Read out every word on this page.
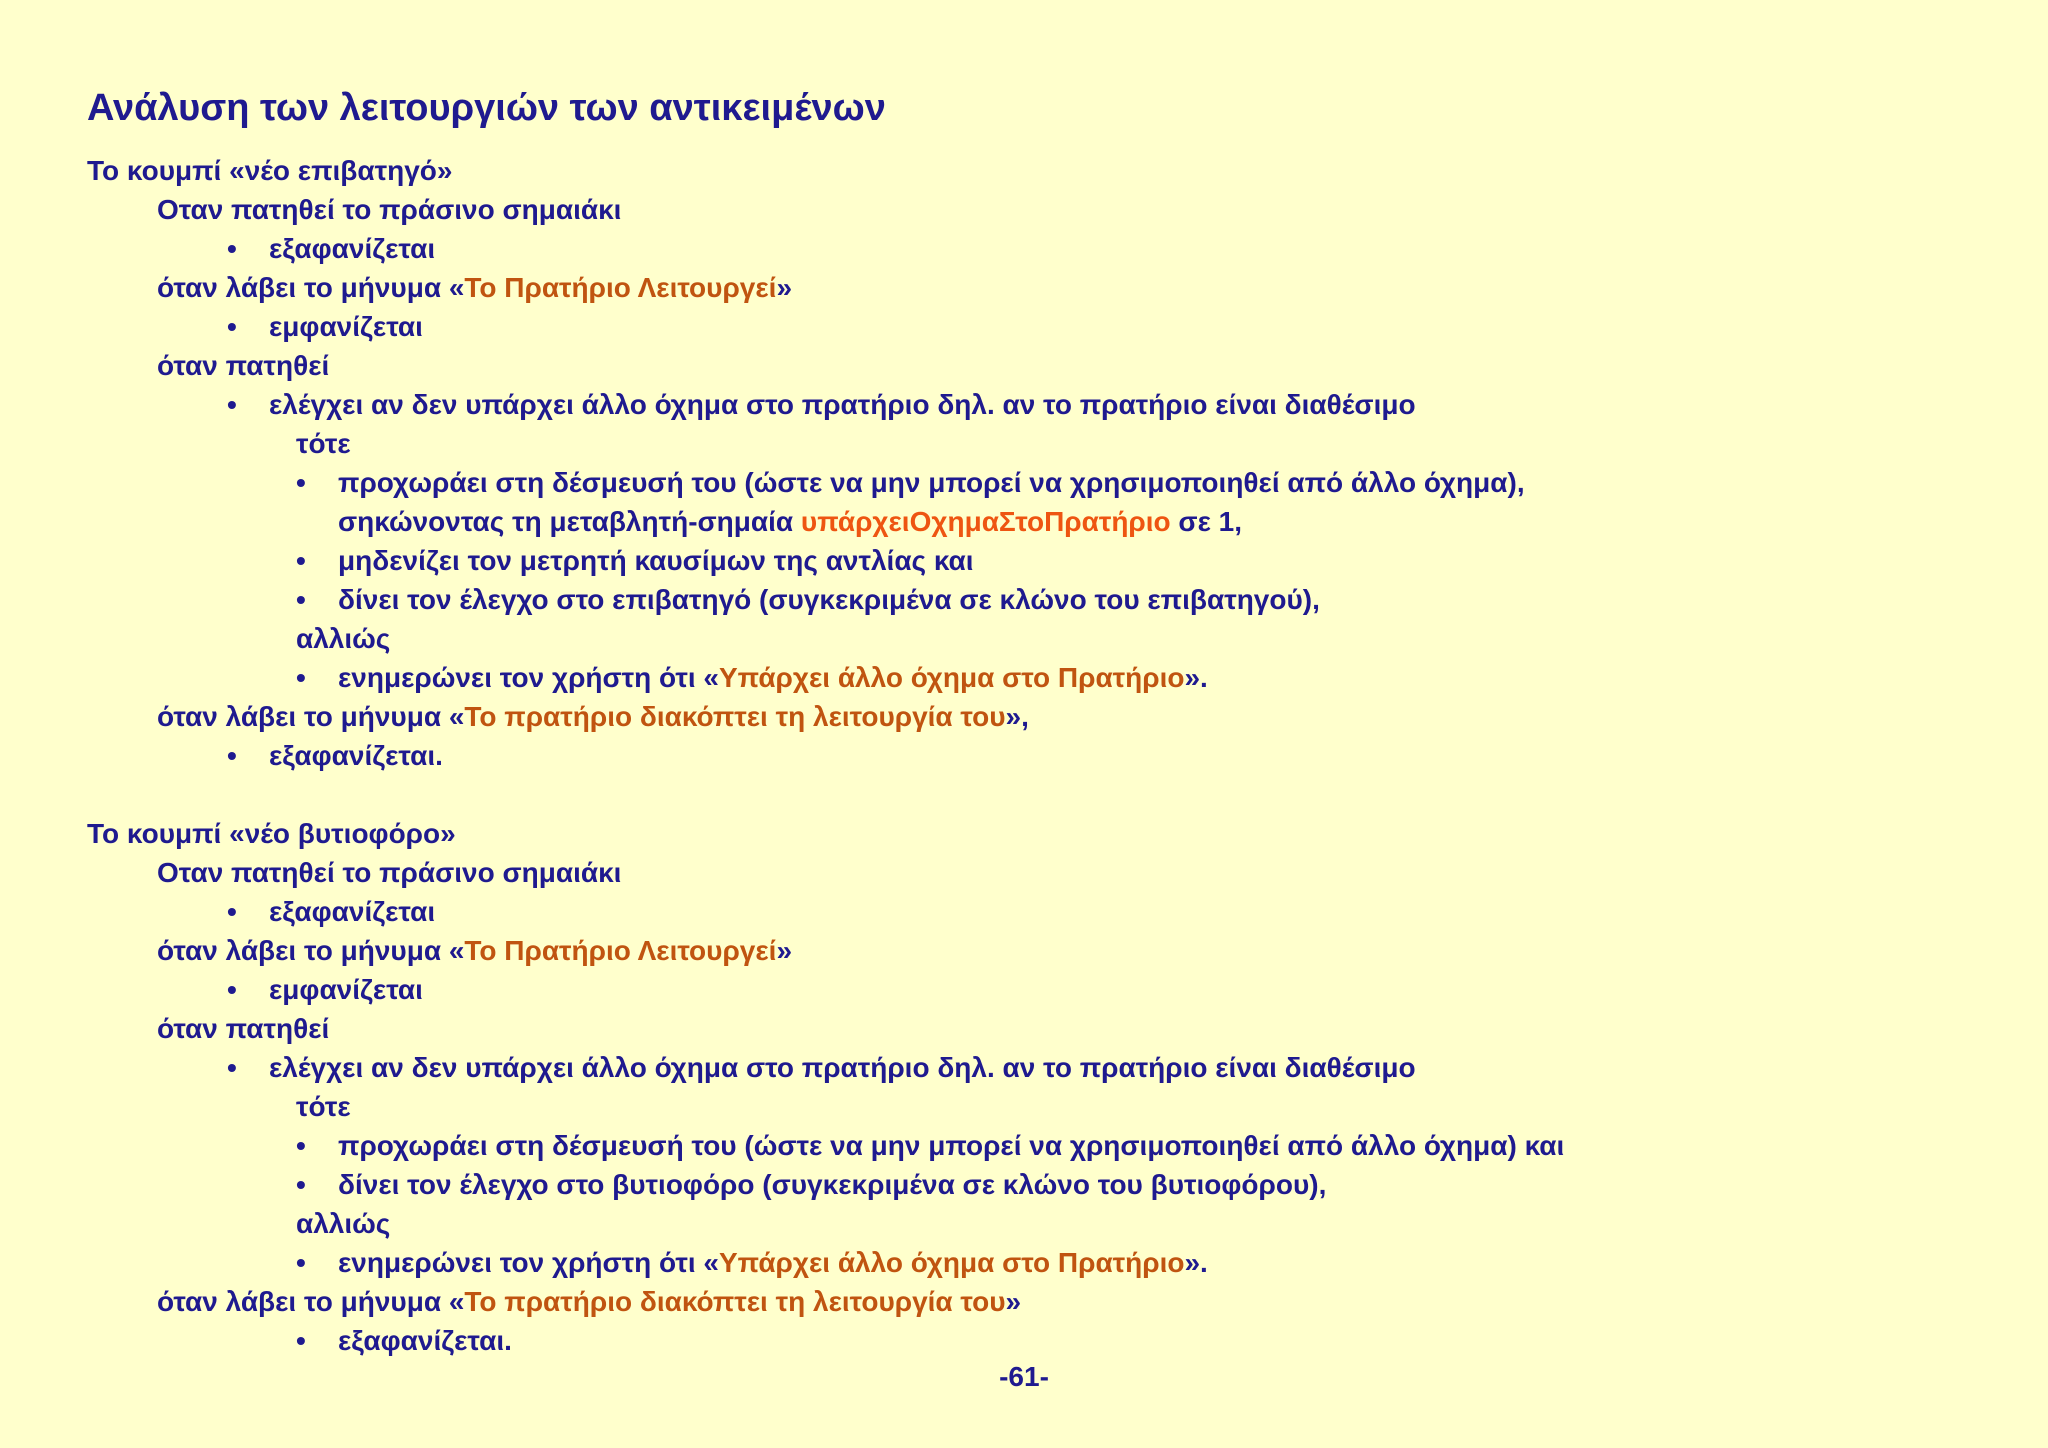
Ανάλυση των λειτουργιών των αντικειμένων
Το κουμπί «νέο επιβατηγό»
Οταν πατηθεί το πράσινο σημαιάκι
• εξαφανίζεται
όταν λάβει το μήνυμα «Το Πρατήριο Λειτουργεί»
• εμφανίζεται
όταν πατηθεί
• ελέγχει αν δεν υπάρχει άλλο όχημα στο πρατήριο δηλ. αν το πρατήριο είναι διαθέσιμο
τότε
• προχωράει στη δέσμευσή του (ώστε να μην μπορεί να χρησιμοποιηθεί από άλλο όχημα),
σηκώνοντας τη μεταβλητή-σημαία υπάρχειΟχημαΣτοΠρατήριο σε 1,
• μηδενίζει τον μετρητή καυσίμων της αντλίας και
• δίνει τον έλεγχο στο επιβατηγό (συγκεκριμένα σε κλώνο του επιβατηγού),
αλλιώς
• ενημερώνει τον χρήστη ότι «Υπάρχει άλλο όχημα στο Πρατήριο».
όταν λάβει το μήνυμα «Το πρατήριο διακόπτει τη λειτουργία του»,
• εξαφανίζεται.
Το κουμπί «νέο βυτιοφόρο»
Οταν πατηθεί το πράσινο σημαιάκι
• εξαφανίζεται
όταν λάβει το μήνυμα «Το Πρατήριο Λειτουργεί»
• εμφανίζεται
όταν πατηθεί
• ελέγχει αν δεν υπάρχει άλλο όχημα στο πρατήριο δηλ. αν το πρατήριο είναι διαθέσιμο
τότε
• προχωράει στη δέσμευσή του (ώστε να μην μπορεί να χρησιμοποιηθεί από άλλο όχημα) και
• δίνει τον έλεγχο στο βυτιοφόρο (συγκεκριμένα σε κλώνο του βυτιοφόρου),
αλλιώς
• ενημερώνει τον χρήστη ότι «Υπάρχει άλλο όχημα στο Πρατήριο».
όταν λάβει το μήνυμα «Το πρατήριο διακόπτει τη λειτουργία του»
• εξαφανίζεται.
-61-
